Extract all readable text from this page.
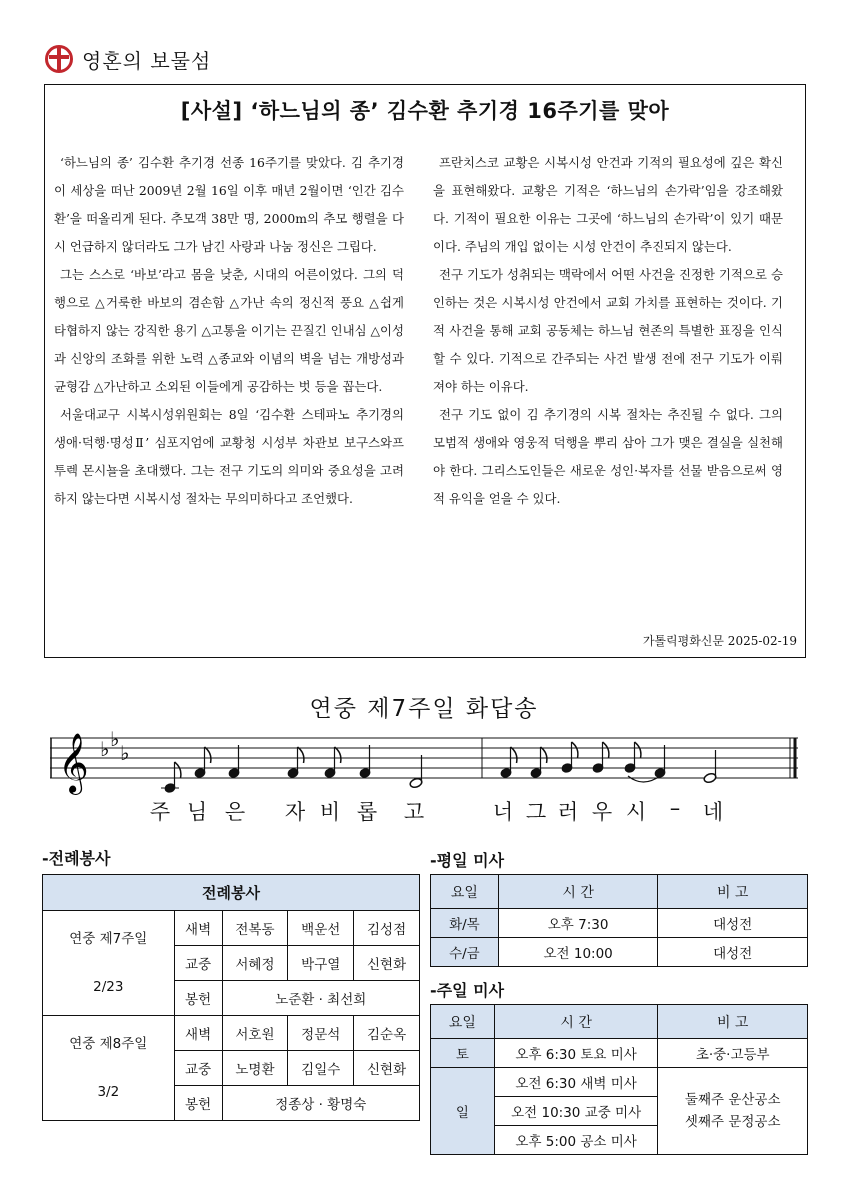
영혼의 보물섬
[사설] ‘하느님의 종’ 김수환 추기경 16주기를 맞아

‘하느님의 종’ 김수환 추기경 선종 16주기를 맞았다. 김 추기경이 세상을 떠난 2009년 2월 16일 이후 매년 2월이면 ‘인간 김수환’을 떠올리게 된다. 추모객 38만 명, 2000m의 추모 행렬을 다시 언급하지 않더라도 그가 남긴 사랑과 나눔 정신은 그립다.

그는 스스로 ‘바보’라고 몸을 낮춘, 시대의 어른이었다. 그의 덕행으로 △거룩한 바보의 겸손함 △가난 속의 정신적 풍요 △쉽게 타협하지 않는 강직한 용기 △고통을 이기는 끈질긴 인내심 △이성과 신앙의 조화를 위한 노력 △종교와 이념의 벽을 넘는 개방성과 균형감 △가난하고 소외된 이들에게 공감하는 벗 등을 꼽는다.

서울대교구 시복시성위원회는 8일 ‘김수환 스테파노 추기경의 생애·덕행·명성Ⅱ’ 심포지엄에 교황청 시성부 차관보 보구스와프 투렉 몬시뇰을 초대했다. 그는 전구 기도의 의미와 중요성을 고려하지 않는다면 시복시성 절차는 무의미하다고 조언했다.

프란치스코 교황은 시복시성 안건과 기적의 필요성에 깊은 확신을 표현해왔다. 교황은 기적은 ‘하느님의 손가락’임을 강조해왔다. 기적이 필요한 이유는 그곳에 ‘하느님의 손가락’이 있기 때문이다. 주님의 개입 없이는 시성 안건이 추진되지 않는다.

전구 기도가 성취되는 맥락에서 어떤 사건을 진정한 기적으로 승인하는 것은 시복시성 안건에서 교회 가치를 표현하는 것이다. 기적 사건을 통해 교회 공동체는 하느님 현존의 특별한 표징을 인식할 수 있다. 기적으로 간주되는 사건 발생 전에 전구 기도가 이뤄져야 하는 이유다.

전구 기도 없이 김 추기경의 시복 절차는 추진될 수 없다. 그의 모범적 생애와 영웅적 덕행을 뿌리 삼아 그가 맺은 결실을 실천해야 한다. 그리스도인들은 새로운 성인·복자를 선물 받음으로써 영적 유익을 얻을 수 있다.

가톨릭평화신문 2025-02-19
연중 제7주일 화답송
𝄞 ♭ ♭
♭
주 님 은 자 비 롭 고	너 그 러 우 시 – 네
-전례봉사	-평일 미사
-주일 미사
전례봉사				

연중 제7주일
2/23	새벽	전복동	백운선	김성점
	교중	서혜정	박구열	신현화
	봉헌	노준환 · 최선희		

연중 제8주일
3/2	새벽	서호원	정문석	김순옥
	교중	노명환	김일수	신현화
	봉헌	정종상 · 황명숙		
요일	시 간	비 고
화/목	오후 7:30	대성전
수/금	오전 10:00	대성전
요일	시 간	비 고
토	오후 6:30 토요 미사	초·중·고등부
일	오전 6:30 새벽 미사	둘째주 운산공소
셋째주 문정공소

	오전 10:30 교중 미사	
	오후 5:00 공소 미사	
